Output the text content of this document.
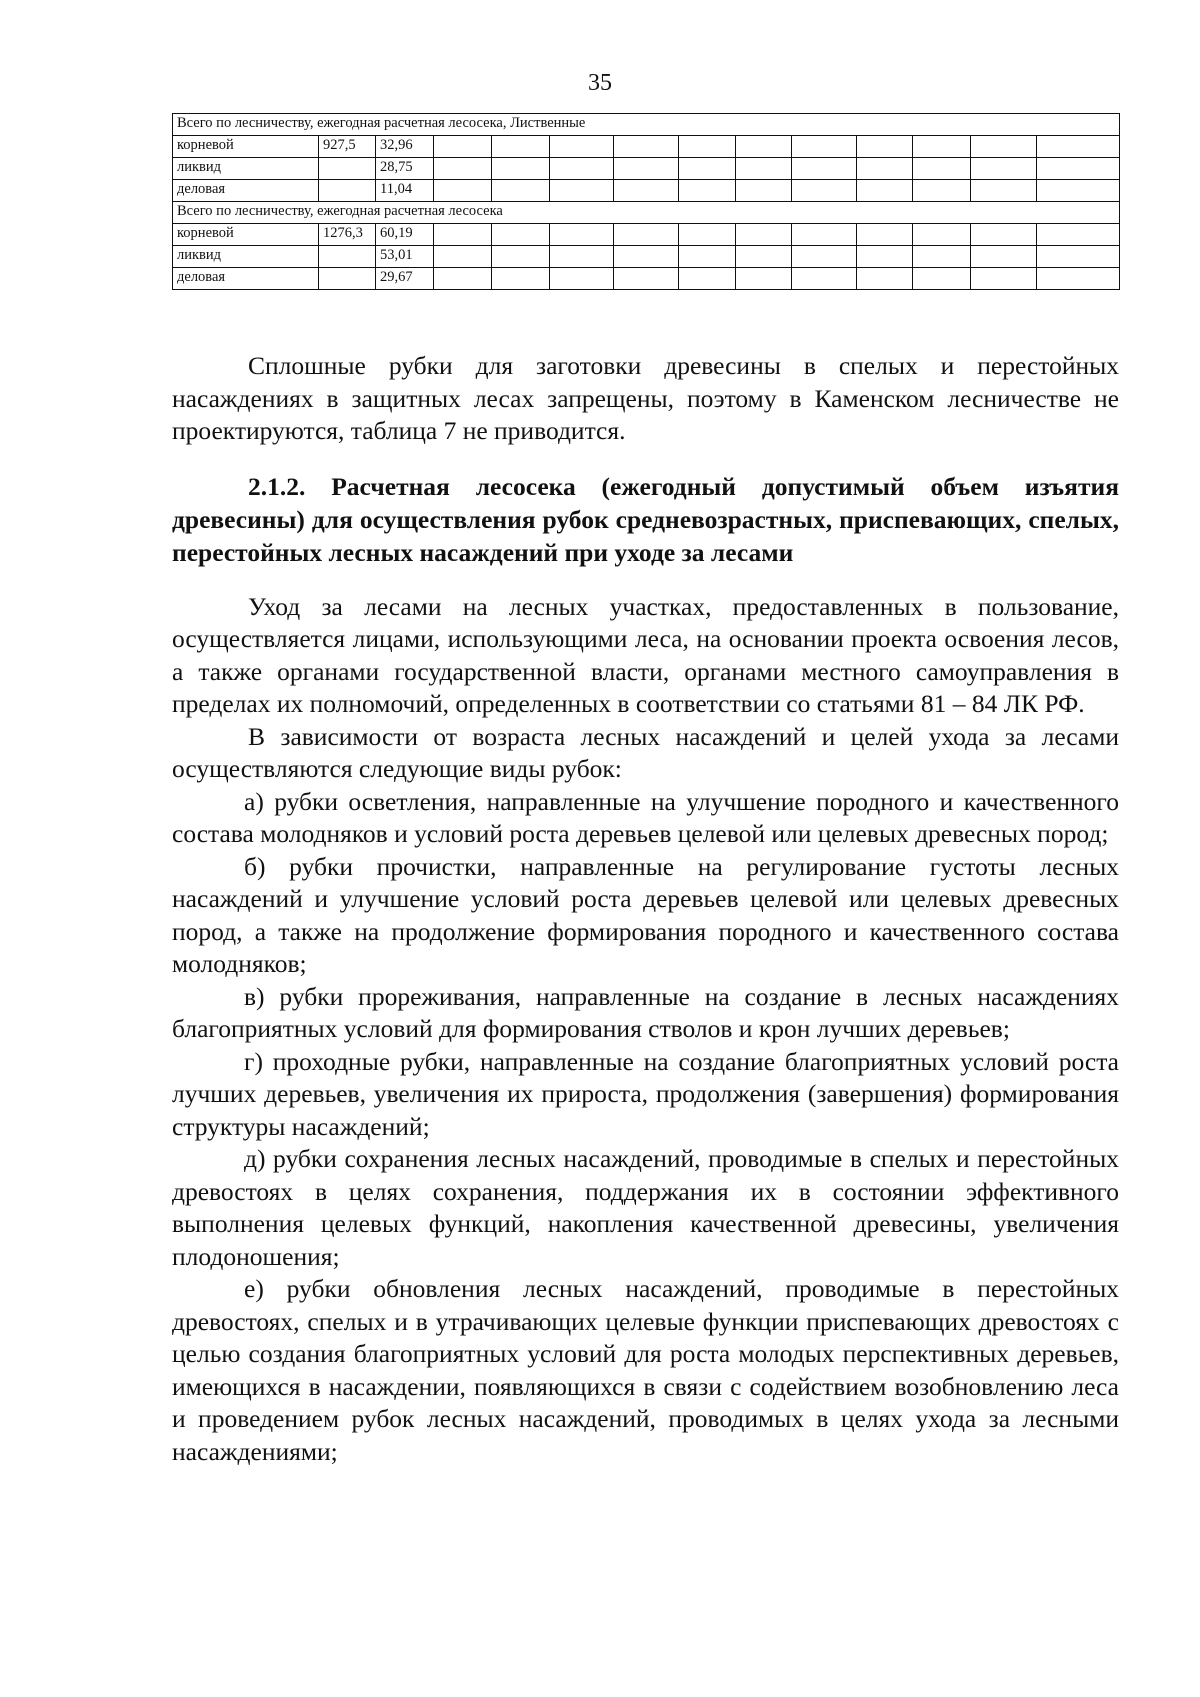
35
Всего по лесничеству, ежегодная расчетная лесосека, Лиственные													
корневой	927,5	32,96											
ликвид		28,75											
деловая		11,04											
Всего по лесничеству, ежегодная расчетная лесосека													
корневой	1276,3	60,19											
ликвид		53,01											
деловая		29,67											

Сплошные рубки для заготовки древесины в спелых и перестойных насаждениях в защитных лесах запрещены, поэтому в Каменском лесничестве не проектируются, таблица 7 не приводится.

2.1.2. Расчетная лесосека (ежегодный допустимый объем изъятия древесины) для осуществления рубок средневозрастных, приспевающих, спелых, перестойных лесных насаждений при уходе за лесами

Уход за лесами на лесных участках, предоставленных в пользование, осуществляется лицами, использующими леса, на основании проекта освоения лесов, а также органами государственной власти, органами местного самоуправления в пределах их полномочий, определенных в соответствии со статьями 81 – 84 ЛК РФ.

В зависимости от возраста лесных насаждений и целей ухода за лесами осуществляются следующие виды рубок:

а) рубки осветления, направленные на улучшение породного и качественного состава молодняков и условий роста деревьев целевой или целевых древесных пород;

б) рубки прочистки, направленные на регулирование густоты лесных насаждений и улучшение условий роста деревьев целевой или целевых древесных пород, а также на продолжение формирования породного и качественного состава молодняков;

в) рубки прореживания, направленные на создание в лесных насаждениях благоприятных условий для формирования стволов и крон лучших деревьев;

г) проходные рубки, направленные на создание благоприятных условий роста лучших деревьев, увеличения их прироста, продолжения (завершения) формирования структуры насаждений;

д) рубки сохранения лесных насаждений, проводимые в спелых и перестойных древостоях в целях сохранения, поддержания их в состоянии эффективного выполнения целевых функций, накопления качественной древесины, увеличения плодоношения;

е) рубки обновления лесных насаждений, проводимые в перестойных древостоях, спелых и в утрачивающих целевые функции приспевающих древостоях с целью создания благоприятных условий для роста молодых перспективных деревьев, имеющихся в насаждении, появляющихся в связи с содействием возобновлению леса и проведением рубок лесных насаждений, проводимых в целях ухода за лесными насаждениями;
